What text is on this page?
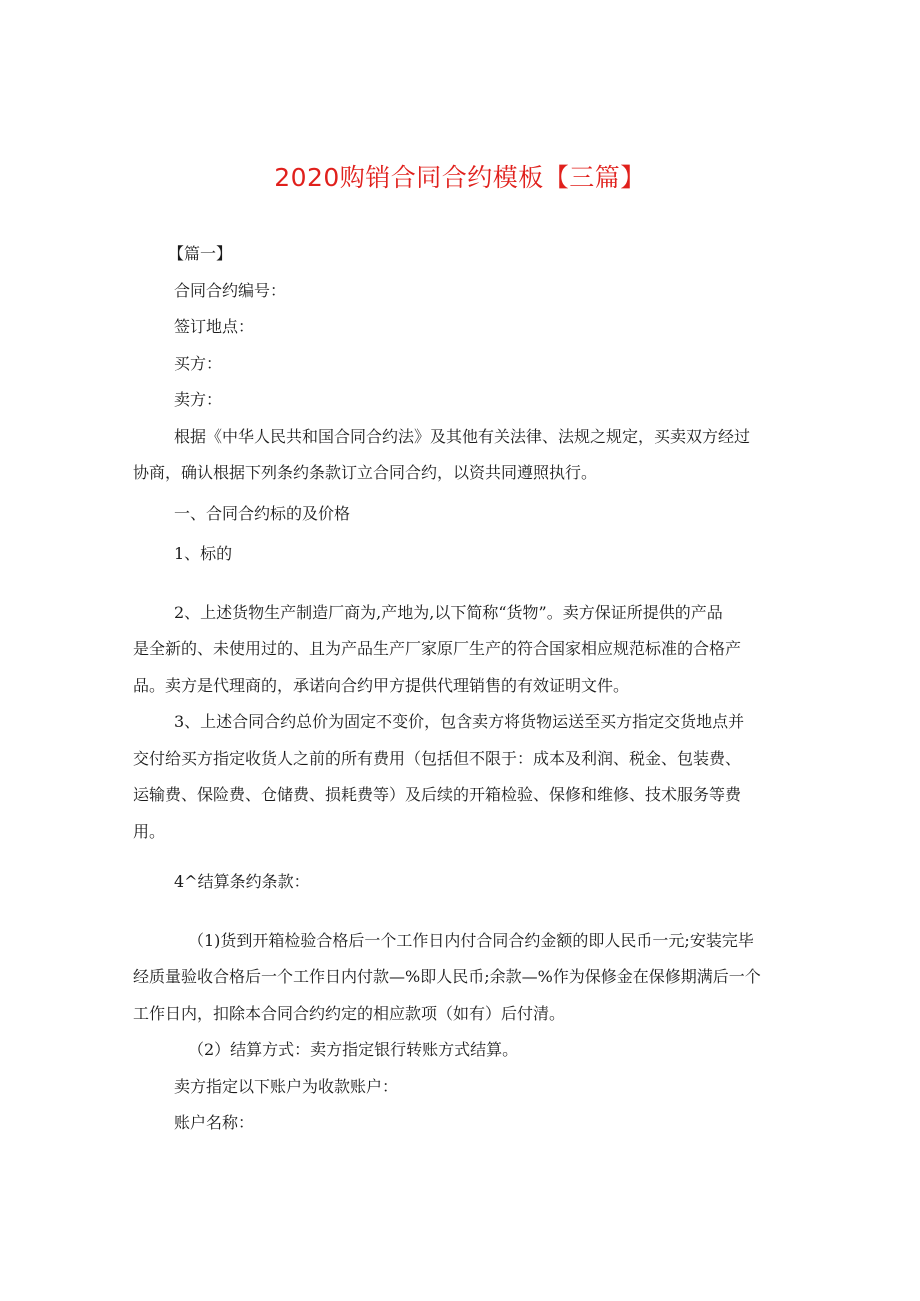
2020购销合同合约模板【三篇】

【篇一】

合同合约编号：

签订地点：

买方：

卖方：

根据《中华人民共和国合同合约法》及其他有关法律、法规之规定，买卖双方经过

协商，确认根据下列条约条款订立合同合约，以资共同遵照执行。

一、合同合约标的及价格

1、标的

2、上述货物生产制造厂商为,产地为,以下简称“货物”。卖方保证所提供的产品

是全新的、未使用过的、且为产品生产厂家原厂生产的符合国家相应规范标准的合格产

品。卖方是代理商的，承诺向合约甲方提供代理销售的有效证明文件。

3、上述合同合约总价为固定不变价，包含卖方将货物运送至买方指定交货地点并

交付给买方指定收货人之前的所有费用（包括但不限于：成本及利润、税金、包装费、

运输费、保险费、仓储费、损耗费等）及后续的开箱检验、保修和维修、技术服务等费

用。

4^结算条约条款：

（1)货到开箱检验合格后一个工作日内付合同合约金额的即人民币一元;安装完毕

经质量验收合格后一个工作日内付款—%即人民币;余款—%作为保修金在保修期满后一个

工作日内，扣除本合同合约约定的相应款项（如有）后付清。

（2）结算方式：卖方指定银行转账方式结算。

卖方指定以下账户为收款账户：

账户名称：
